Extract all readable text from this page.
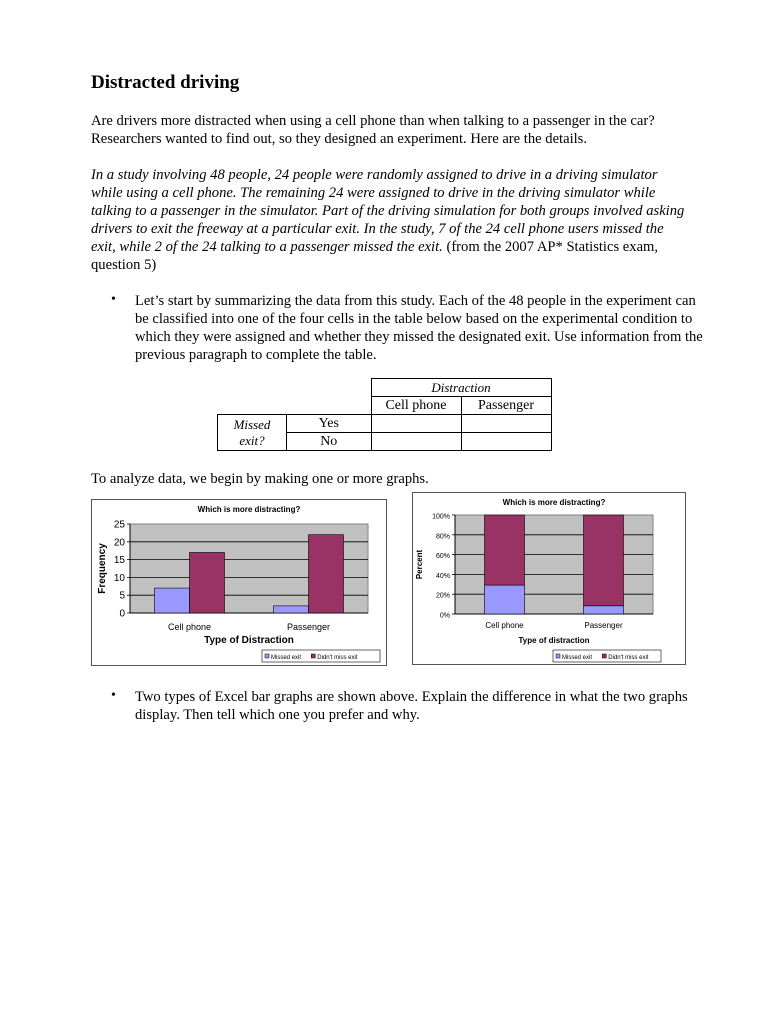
Distracted driving

Are drivers more distracted when using a cell phone than when talking to a passenger in the car? Researchers wanted to find out, so they designed an experiment. Here are the details.

In a study involving 48 people, 24 people were randomly assigned to drive in a driving simulator while using a cell phone. The remaining 24 were assigned to drive in the driving simulator while talking to a passenger in the simulator. Part of the driving simulation for both groups involved asking drivers to exit the freeway at a particular exit. In the study, 7 of the 24 cell phone users missed the exit, while 2 of the 24 talking to a passenger missed the exit. (from the 2007 AP* Statistics exam, question 5)

• Let’s start by summarizing the data from this study. Each of the 48 people in the experiment can be classified into one of the four cells in the table below based on the experimental condition to which they were assigned and whether they missed the designated exit. Use information from the previous paragraph to complete the table.

		Distraction	
		Cell phone	Passenger
Missed exit?	Yes		
	No		

To analyze data, we begin by making one or more graphs.

Which is more distracting?
0
5
10
15
20
25
Cell phone	Passenger
Type of Distraction
Frequency
Missed exit	Didn't miss exit
Which is more distracting?
0%
20%
40%
60%
80%
100%
Cell phone	Passenger
Type of distraction
Percent
Missed exit	Didn't miss exit
• Two types of Excel bar graphs are shown above. Explain the difference in what the two graphs display. Then tell which one you prefer and why.
